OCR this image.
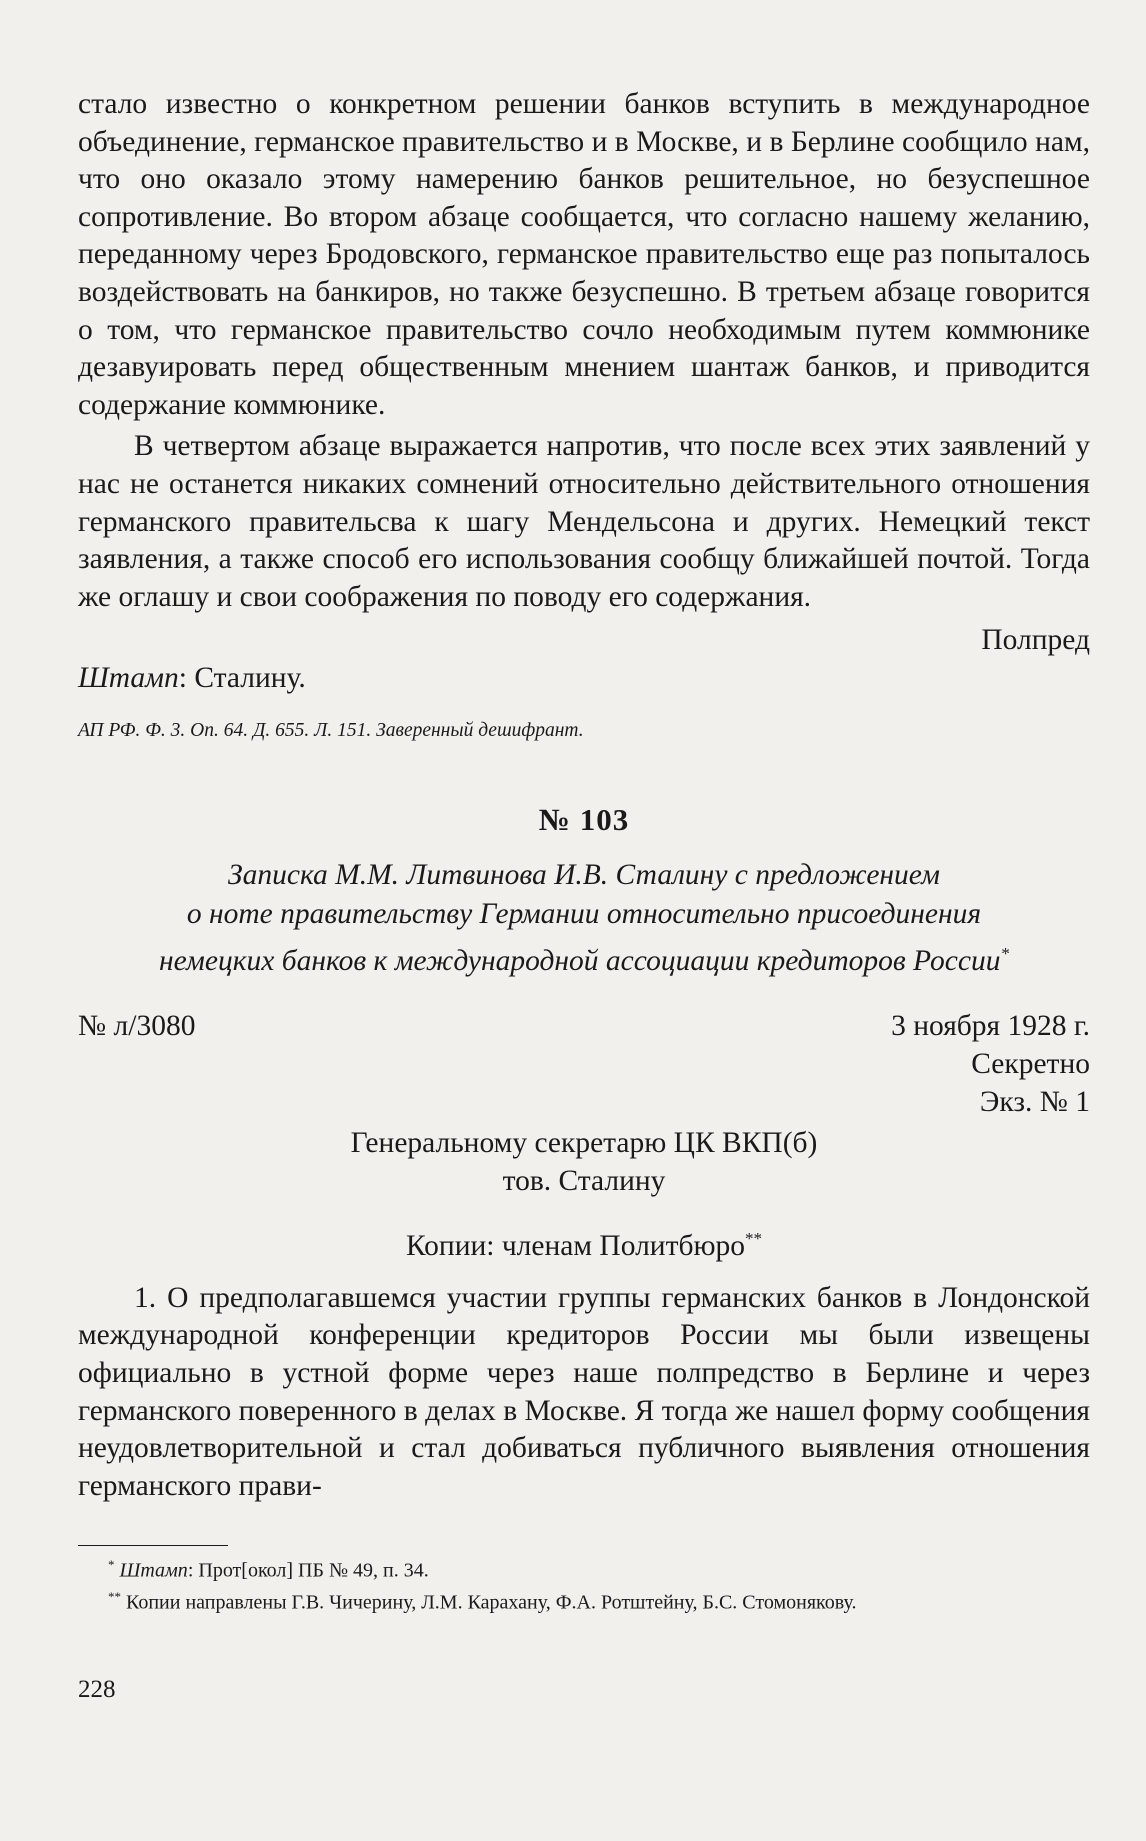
стало известно о конкретном решении банков вступить в международное объединение, германское правительство и в Москве, и в Берлине сообщило нам, что оно оказало этому намерению банков решительное, но безуспешное сопротивление. Во втором абзаце сообщается, что согласно нашему желанию, переданному через Бродовского, германское правительство еще раз попыталось воздействовать на банкиров, но также безуспешно. В третьем абзаце говорится о том, что германское правительство сочло необходимым путем коммюнике дезавуировать перед общественным мнением шантаж банков, и приводится содержание коммюнике.

В четвертом абзаце выражается напротив, что после всех этих заявлений у нас не останется никаких сомнений относительно действительного отношения германского правительсва к шагу Мендельсона и других. Немецкий текст заявления, а также способ его использования сообщу ближайшей почтой. Тогда же оглашу и свои соображения по поводу его содержания.

Полпред

Штамп: Сталину.

АП РФ. Ф. 3. Оп. 64. Д. 655. Л. 151. Заверенный дешифрант.

№ 103

Записка М.М. Литвинова И.В. Сталину с предложением
о ноте правительству Германии относительно присоединения
немецких банков к международной ассоциации кредиторов России*
№ л/3080	3 ноября 1928 г.

Секретно

Экз. № 1

Генеральному секретарю ЦК ВКП(б)

тов. Сталину

Копии: членам Политбюро**

1. О предполагавшемся участии группы германских банков в Лондонской международной конференции кредиторов России мы были извещены официально в устной форме через наше полпредство в Берлине и через германского поверенного в делах в Москве. Я тогда же нашел форму сообщения неудовлетворительной и стал добиваться публичного выявления отношения германского прави-

* Штамп: Прот[окол] ПБ № 49, п. 34.

** Копии направлены Г.В. Чичерину, Л.М. Карахану, Ф.А. Ротштейну, Б.С. Стомонякову.

228
